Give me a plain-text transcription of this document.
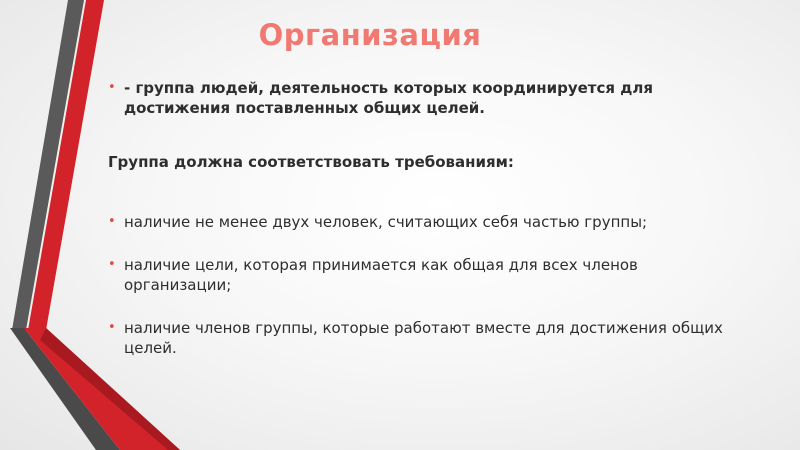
Организация
• - группа людей, деятельность которых координируется для достижения поставленных общих целей.
Группа должна соответствовать требованиям:
• наличие не менее двух человек, считающих себя частью группы;
• наличие цели, которая принимается как общая для всех членов организации;
• наличие членов группы, которые работают вместе для достижения общих целей.
